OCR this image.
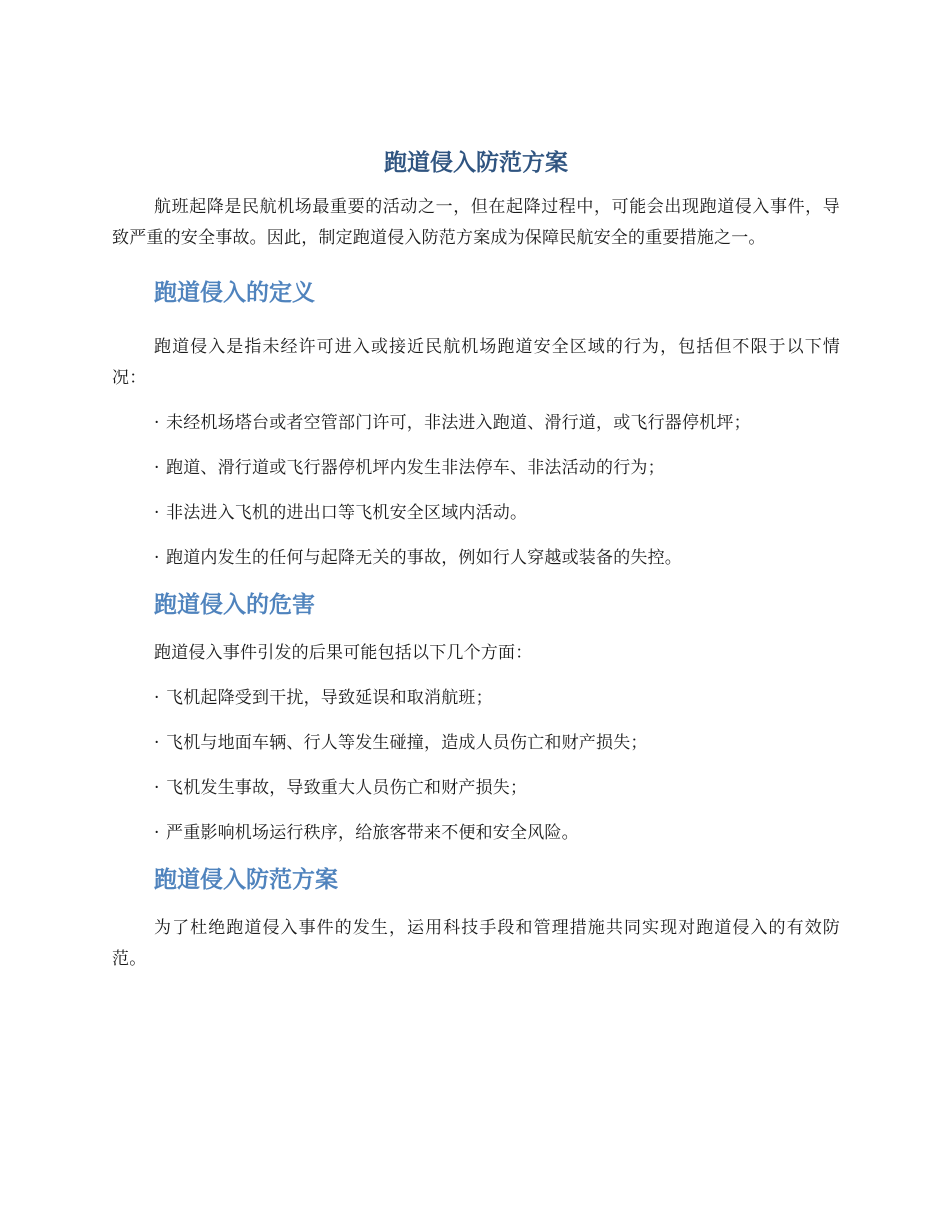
跑道侵入防范方案

航班起降是民航机场最重要的活动之一，但在起降过程中，可能会出现跑道侵入事件，导致严重的安全事故。因此，制定跑道侵入防范方案成为保障民航安全的重要措施之一。

跑道侵入的定义

跑道侵入是指未经许可进入或接近民航机场跑道安全区域的行为，包括但不限于以下情况：

· 未经机场塔台或者空管部门许可，非法进入跑道、滑行道，或飞行器停机坪；
· 跑道、滑行道或飞行器停机坪内发生非法停车、非法活动的行为；
· 非法进入飞机的进出口等飞机安全区域内活动。
· 跑道内发生的任何与起降无关的事故，例如行人穿越或装备的失控。
跑道侵入的危害

跑道侵入事件引发的后果可能包括以下几个方面：

· 飞机起降受到干扰，导致延误和取消航班；
· 飞机与地面车辆、行人等发生碰撞，造成人员伤亡和财产损失；
· 飞机发生事故，导致重大人员伤亡和财产损失；
· 严重影响机场运行秩序，给旅客带来不便和安全风险。
跑道侵入防范方案

为了杜绝跑道侵入事件的发生，运用科技手段和管理措施共同实现对跑道侵入的有效防范。
